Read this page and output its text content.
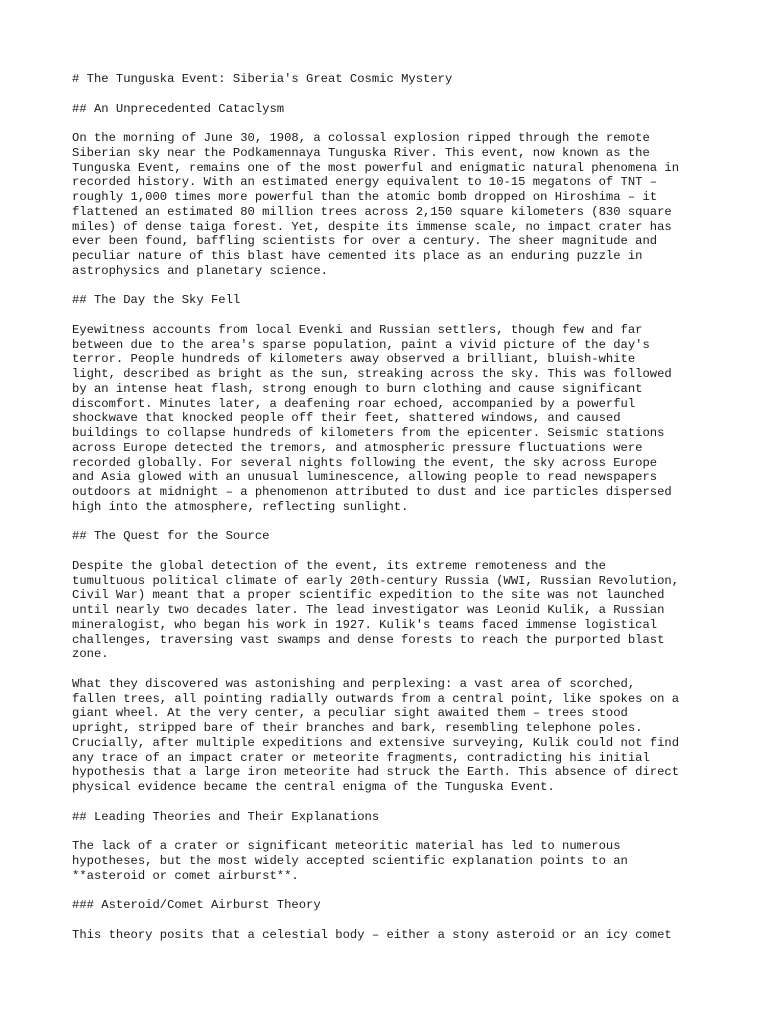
# The Tunguska Event: Siberia's Great Cosmic Mystery
## An Unprecedented Cataclysm
On the morning of June 30, 1908, a colossal explosion ripped through the remote
Siberian sky near the Podkamennaya Tunguska River. This event, now known as the
Tunguska Event, remains one of the most powerful and enigmatic natural phenomena in
recorded history. With an estimated energy equivalent to 10-15 megatons of TNT –
roughly 1,000 times more powerful than the atomic bomb dropped on Hiroshima – it
flattened an estimated 80 million trees across 2,150 square kilometers (830 square
miles) of dense taiga forest. Yet, despite its immense scale, no impact crater has
ever been found, baffling scientists for over a century. The sheer magnitude and
peculiar nature of this blast have cemented its place as an enduring puzzle in
astrophysics and planetary science.
## The Day the Sky Fell
Eyewitness accounts from local Evenki and Russian settlers, though few and far
between due to the area's sparse population, paint a vivid picture of the day's
terror. People hundreds of kilometers away observed a brilliant, bluish-white
light, described as bright as the sun, streaking across the sky. This was followed
by an intense heat flash, strong enough to burn clothing and cause significant
discomfort. Minutes later, a deafening roar echoed, accompanied by a powerful
shockwave that knocked people off their feet, shattered windows, and caused
buildings to collapse hundreds of kilometers from the epicenter. Seismic stations
across Europe detected the tremors, and atmospheric pressure fluctuations were
recorded globally. For several nights following the event, the sky across Europe
and Asia glowed with an unusual luminescence, allowing people to read newspapers
outdoors at midnight – a phenomenon attributed to dust and ice particles dispersed
high into the atmosphere, reflecting sunlight.
## The Quest for the Source
Despite the global detection of the event, its extreme remoteness and the
tumultuous political climate of early 20th-century Russia (WWI, Russian Revolution,
Civil War) meant that a proper scientific expedition to the site was not launched
until nearly two decades later. The lead investigator was Leonid Kulik, a Russian
mineralogist, who began his work in 1927. Kulik's teams faced immense logistical
challenges, traversing vast swamps and dense forests to reach the purported blast
zone.
What they discovered was astonishing and perplexing: a vast area of scorched,
fallen trees, all pointing radially outwards from a central point, like spokes on a
giant wheel. At the very center, a peculiar sight awaited them – trees stood
upright, stripped bare of their branches and bark, resembling telephone poles.
Crucially, after multiple expeditions and extensive surveying, Kulik could not find
any trace of an impact crater or meteorite fragments, contradicting his initial
hypothesis that a large iron meteorite had struck the Earth. This absence of direct
physical evidence became the central enigma of the Tunguska Event.
## Leading Theories and Their Explanations
The lack of a crater or significant meteoritic material has led to numerous
hypotheses, but the most widely accepted scientific explanation points to an
**asteroid or comet airburst**.
### Asteroid/Comet Airburst Theory
This theory posits that a celestial body – either a stony asteroid or an icy comet
